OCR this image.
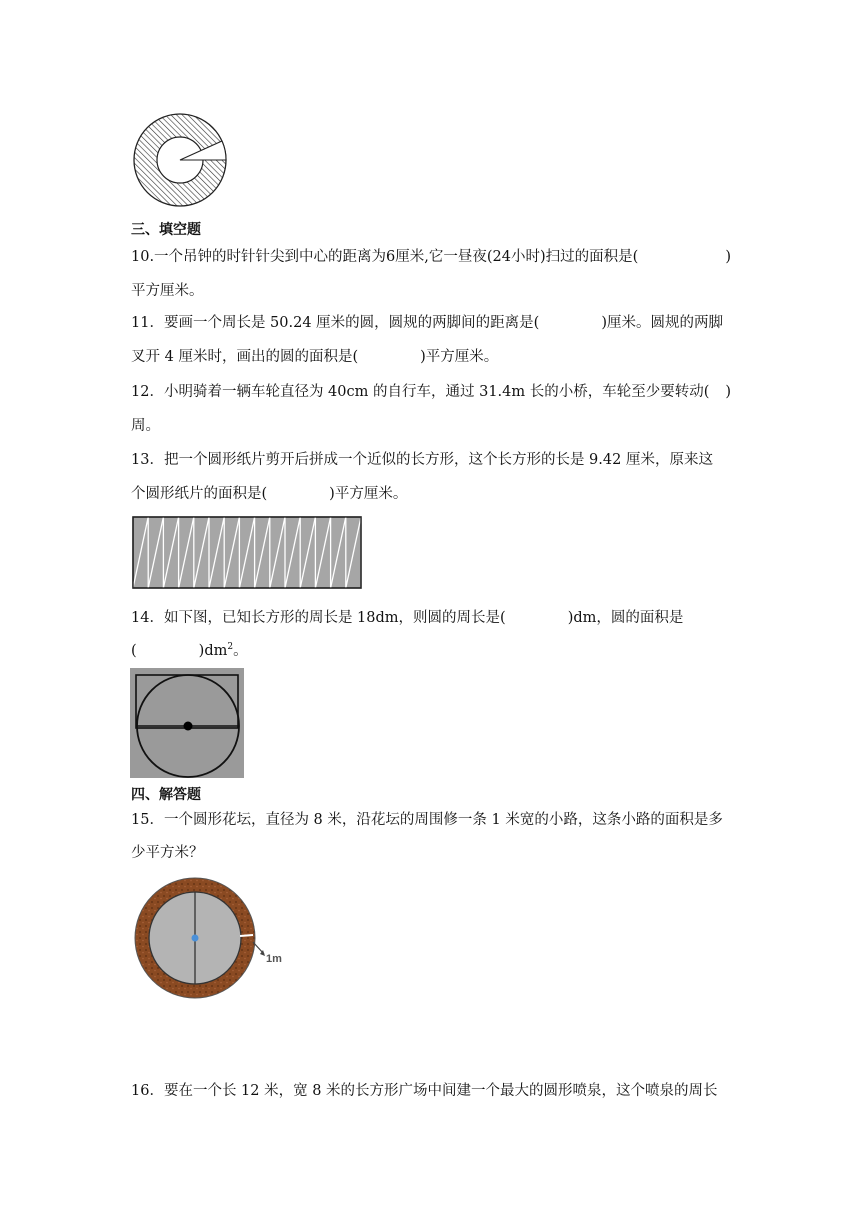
三、填空题
10.一个吊钟的时针针尖到中心的距离为6厘米,它一昼夜(24小时)扫过的面积是(	)
平方厘米。
11．要画一个周长是 50.24 厘米的圆，圆规的两脚间的距离是(	)厘米。圆规的两脚
叉开 4 厘米时，画出的圆的面积是(	)平方厘米。
12．小明骑着一辆车轮直径为 40cm 的自行车，通过 31.4m 长的小桥，车轮至少要转动( )
周。
13．把一个圆形纸片剪开后拼成一个近似的长方形，这个长方形的长是 9.42 厘米，原来这
个圆形纸片的面积是(	)平方厘米。
14．如下图，已知长方形的周长是 18dm，则圆的周长是(	)dm，圆的面积是
(	)$dm^2$。
四、解答题
15．一个圆形花坛，直径为 8 米，沿花坛的周围修一条 1 米宽的小路，这条小路的面积是多
少平方米？
1m
16．要在一个长 12 米，宽 8 米的长方形广场中间建一个最大的圆形喷泉，这个喷泉的周长
